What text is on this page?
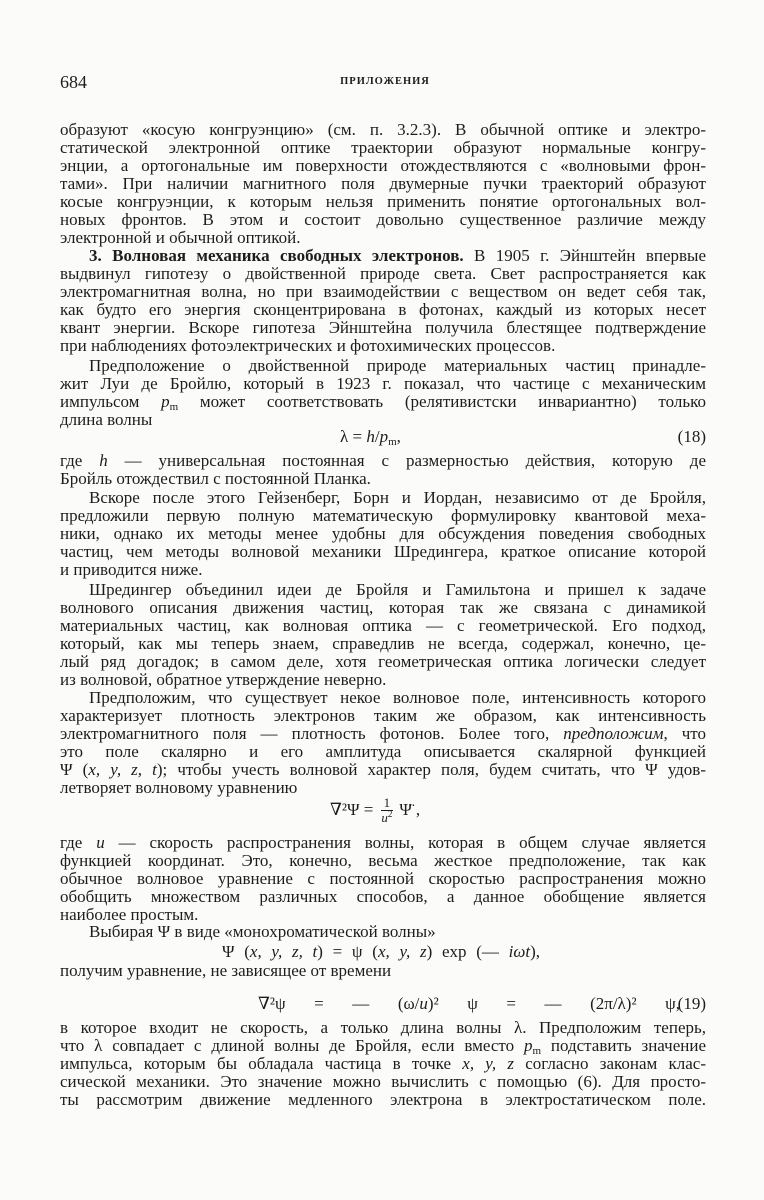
684	ПРИЛОЖЕНИЯ
образуют «косую конгруэнцию» (см. п. 3.2.3). В обычной оптике и электро-
статической электронной оптике траектории образуют нормальные конгру-
энции, а ортогональные им поверхности отождествляются с «волновыми фрон-
тами». При наличии магнитного поля двумерные пучки траекторий образуют
косые конгруэнции, к которым нельзя применить понятие ортогональных вол-
новых фронтов. В этом и состоит довольно существенное различие между
электронной и обычной оптикой.
3. Волновая механика свободных электронов. В 1905 г. Эйнштейн впервые
выдвинул гипотезу о двойственной природе света. Свет распространяется как
электромагнитная волна, но при взаимодействии с веществом он ведет себя так,
как будто его энергия сконцентрирована в фотонах, каждый из которых несет
квант энергии. Вскоре гипотеза Эйнштейна получила блестящее подтверждение
при наблюдениях фотоэлектрических и фотохимических процессов.
Предположение о двойственной природе материальных частиц принадле-
жит Луи де Бройлю, который в 1923 г. показал, что частице с механическим
импульсом $p_m$ может соответствовать (релятивистски инвариантно) только
длина волны
$\lambda = h/p_m$,	(18)
где h — универсальная постоянная с размерностью действия, которую де
Бройль отождествил с постоянной Планка.
Вскоре после этого Гейзенберг, Борн и Иордан, независимо от де Бройля,
предложили первую полную математическую формулировку квантовой меха-
ники, однако их методы менее удобны для обсуждения поведения свободных
частиц, чем методы волновой механики Шредингера, краткое описание которой
и приводится ниже.
Шредингер объединил идеи де Бройля и Гамильтона и пришел к задаче
волнового описания движения частиц, которая так же связана с динамикой
материальных частиц, как волновая оптика — с геометрической. Его подход,
который, как мы теперь знаем, справедлив не всегда, содержал, конечно, це-
лый ряд догадок; в самом деле, хотя геометрическая оптика логически следует
из волновой, обратное утверждение неверно.
Предположим, что существует некое волновое поле, интенсивность которого
характеризует плотность электронов таким же образом, как интенсивность
электромагнитного поля — плотность фотонов. Более того, предположим, что
это поле скалярно и его амплитуда описывается скалярной функцией
Ψ (x, y, z, t); чтобы учесть волновой характер поля, будем считать, что Ψ удов-
летворяет волновому уравнению
$\nabla^2\Psi = \frac{1}{u^2}$ Ψ̈ ,
где u — скорость распространения волны, которая в общем случае является
функцией координат. Это, конечно, весьма жесткое предположение, так как
обычное волновое уравнение с постоянной скоростью распространения можно
обобщить множеством различных способов, а данное обобщение является
наиболее простым.
Выбирая Ψ в виде «монохроматической волны»
Ψ (x, y, z, t) = ψ (x, y, z) exp (— iωt),
получим уравнение, не зависящее от времени
∇²ψ = — (ω/u)² ψ = — (2π/λ)² ψ,
(19)
в которое входит не скорость, а только длина волны λ. Предположим теперь,
что λ совпадает с длиной волны де Бройля, если вместо $p_m$ подставить значение
импульса, которым бы обладала частица в точке x, y, z согласно законам клас-
сической механики. Это значение можно вычислить с помощью (6). Для просто-
ты рассмотрим движение медленного электрона в электростатическом поле.
